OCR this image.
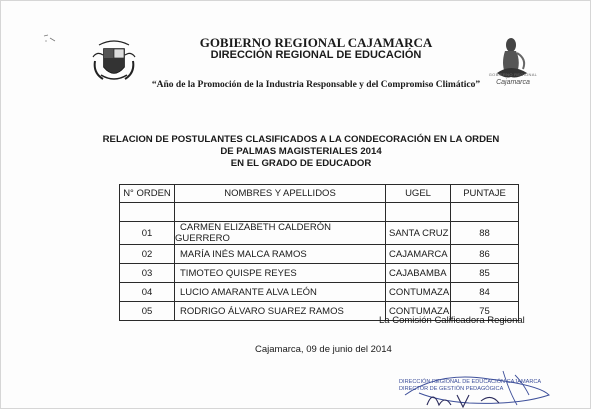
GOBIERNO REGIONAL CAJAMARCA
DIRECCIÓN REGIONAL DE EDUCACIÓN
“Año de la Promoción de la Industria Responsable y del Compromiso Climático”
GOBIERNO REGIONAL
Cajamarca
RELACION DE POSTULANTES CLASIFICADOS A LA CONDECORACIÓN EN LA ORDEN
DE PALMAS MAGISTERIALES 2014
EN EL GRADO DE EDUCADOR
N° ORDEN	NOMBRES Y APELLIDOS	UGEL	PUNTAJE

01	CARMEN ELIZABETH CALDERÓN GUERRERO	SANTA CRUZ	88
02	MARÍA INÉS MALCA RAMOS	CAJAMARCA	86
03	TIMOTEO QUISPE REYES	CAJABAMBA	85
04	LUCIO AMARANTE ALVA LEÓN	CONTUMAZA	84
05	RODRIGO ÁLVARO SUAREZ RAMOS	CONTUMAZA	75
La Comisión Calificadora Regional
Cajamarca, 09 de junio del 2014
DIRECCIÓN REGIONAL DE EDUCACIÓN CAJAMARCA
DIRECTOR DE GESTIÓN PEDAGÓGICA
